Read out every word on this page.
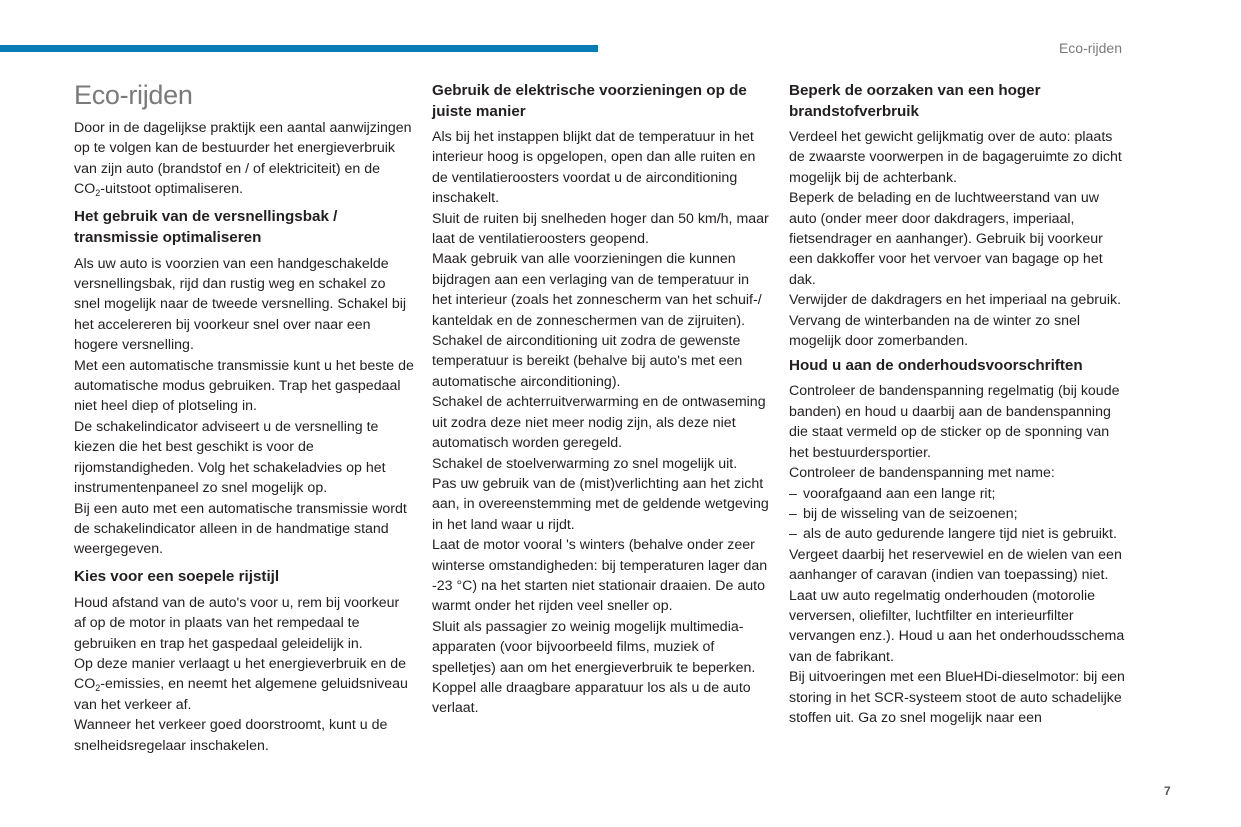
Eco-rijden
Eco-rijden
Door in de dagelijkse praktijk een aantal aanwijzingen op te volgen kan de bestuurder het energieverbruik van zijn auto (brandstof en / of elektriciteit) en de $CO_2$-uitstoot optimaliseren.
Het gebruik van de versnellingsbak / transmissie optimaliseren
Als uw auto is voorzien van een handgeschakelde versnellingsbak, rijd dan rustig weg en schakel zo snel mogelijk naar de tweede versnelling. Schakel bij het accelereren bij voorkeur snel over naar een hogere versnelling.
Met een automatische transmissie kunt u het beste de automatische modus gebruiken. Trap het gaspedaal niet heel diep of plotseling in.
De schakelindicator adviseert u de versnelling te kiezen die het best geschikt is voor de rijomstandigheden. Volg het schakeladvies op het instrumentenpaneel zo snel mogelijk op.
Bij een auto met een automatische transmissie wordt de schakelindicator alleen in de handmatige stand weergegeven.
Kies voor een soepele rijstijl
Houd afstand van de auto's voor u, rem bij voorkeur af op de motor in plaats van het rempedaal te gebruiken en trap het gaspedaal geleidelijk in.
Op deze manier verlaagt u het energieverbruik en de $CO_2$-emissies, en neemt het algemene geluidsniveau van het verkeer af.
Wanneer het verkeer goed doorstroomt, kunt u de snelheidsregelaar inschakelen.
Gebruik de elektrische voorzieningen op de juiste manier
Als bij het instappen blijkt dat de temperatuur in het interieur hoog is opgelopen, open dan alle ruiten en de ventilatieroosters voordat u de airconditioning inschakelt.
Sluit de ruiten bij snelheden hoger dan 50 km/h, maar laat de ventilatieroosters geopend.
Maak gebruik van alle voorzieningen die kunnen bijdragen aan een verlaging van de temperatuur in het interieur (zoals het zonnescherm van het schuif-/ kanteldak en de zonneschermen van de zijruiten).
Schakel de airconditioning uit zodra de gewenste temperatuur is bereikt (behalve bij auto's met een automatische airconditioning).
Schakel de achterruitverwarming en de ontwaseming uit zodra deze niet meer nodig zijn, als deze niet automatisch worden geregeld.
Schakel de stoelverwarming zo snel mogelijk uit.
Pas uw gebruik van de (mist)verlichting aan het zicht aan, in overeenstemming met de geldende wetgeving in het land waar u rijdt.
Laat de motor vooral 's winters (behalve onder zeer winterse omstandigheden: bij temperaturen lager dan -23 °C) na het starten niet stationair draaien. De auto warmt onder het rijden veel sneller op.
Sluit als passagier zo weinig mogelijk multimedia-apparaten (voor bijvoorbeeld films, muziek of spelletjes) aan om het energieverbruik te beperken.
Koppel alle draagbare apparatuur los als u de auto verlaat.
Beperk de oorzaken van een hoger brandstofverbruik
Verdeel het gewicht gelijkmatig over de auto: plaats de zwaarste voorwerpen in de bagageruimte zo dicht mogelijk bij de achterbank.
Beperk de belading en de luchtweerstand van uw auto (onder meer door dakdragers, imperiaal, fietsendrager en aanhanger). Gebruik bij voorkeur een dakkoffer voor het vervoer van bagage op het dak.
Verwijder de dakdragers en het imperiaal na gebruik.
Vervang de winterbanden na de winter zo snel mogelijk door zomerbanden.
Houd u aan de onderhoudsvoorschriften
Controleer de bandenspanning regelmatig (bij koude banden) en houd u daarbij aan de bandenspanning die staat vermeld op de sticker op de sponning van het bestuurdersportier.
Controleer de bandenspanning met name:
– voorafgaand aan een lange rit;
– bij de wisseling van de seizoenen;
– als de auto gedurende langere tijd niet is gebruikt.
Vergeet daarbij het reservewiel en de wielen van een aanhanger of caravan (indien van toepassing) niet.
Laat uw auto regelmatig onderhouden (motorolie verversen, oliefilter, luchtfilter en interieurfilter vervangen enz.). Houd u aan het onderhoudsschema van de fabrikant.
Bij uitvoeringen met een BlueHDi-dieselmotor: bij een storing in het SCR-systeem stoot de auto schadelijke stoffen uit. Ga zo snel mogelijk naar een
7
